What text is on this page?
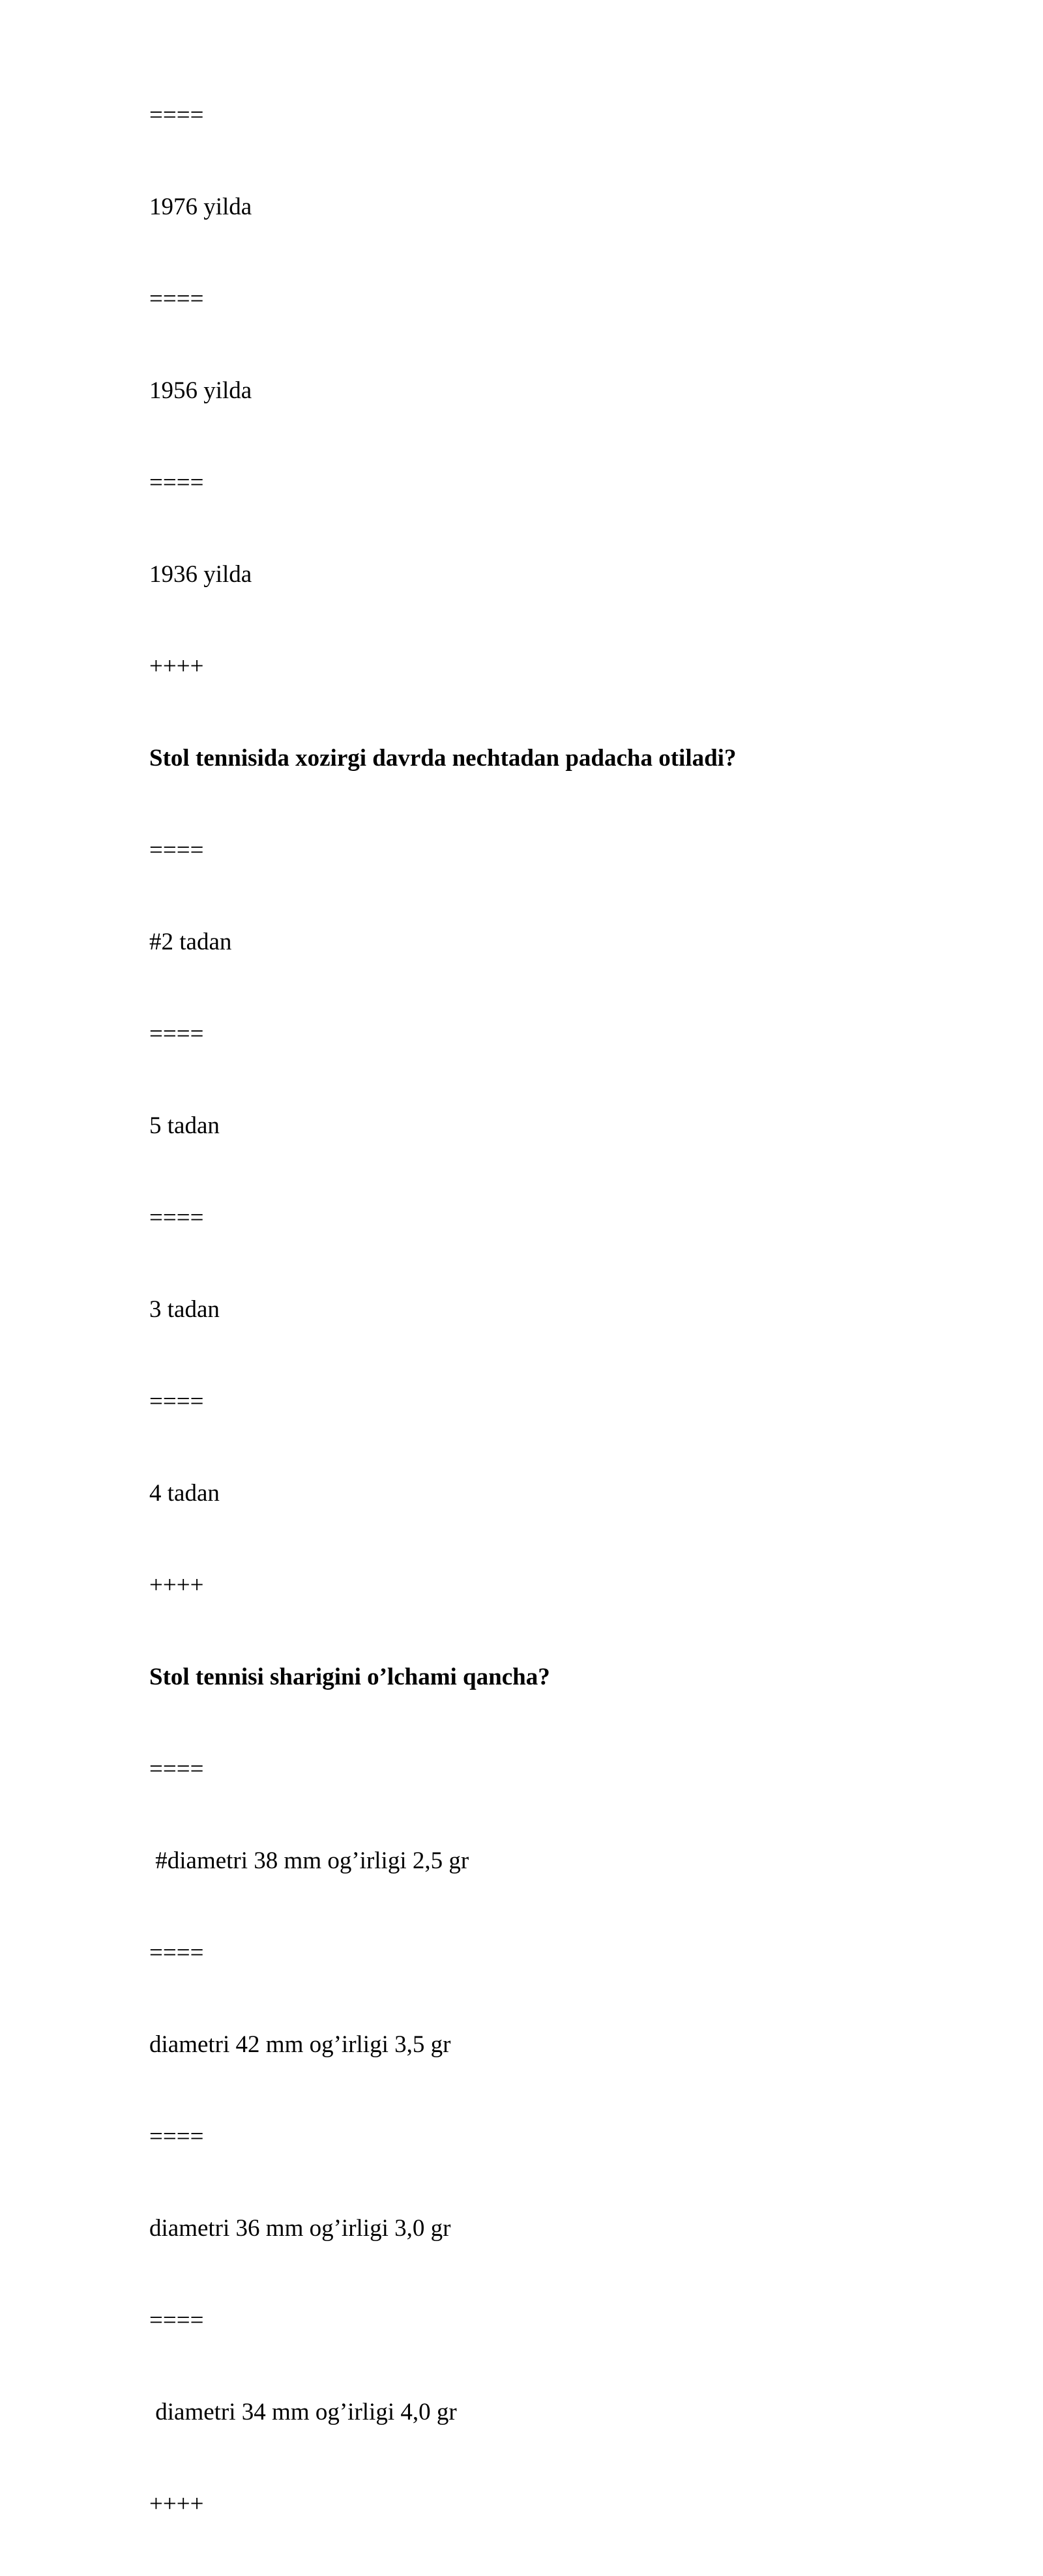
====
1976 yilda
====
1956 yilda
====
1936 yilda
++++
Stol tennisida xozirgi davrda nechtadan padacha otiladi?
====
#2 tadan
====
5 tadan
====
3 tadan
====
4 tadan
++++
Stol tennisi sharigini o’lchami qancha?
====
#diametri 38 mm og’irligi 2,5 gr
====
diametri 42 mm og’irligi 3,5 gr
====
diametri 36 mm og’irligi 3,0 gr
====
diametri 34 mm og’irligi 4,0 gr
++++
